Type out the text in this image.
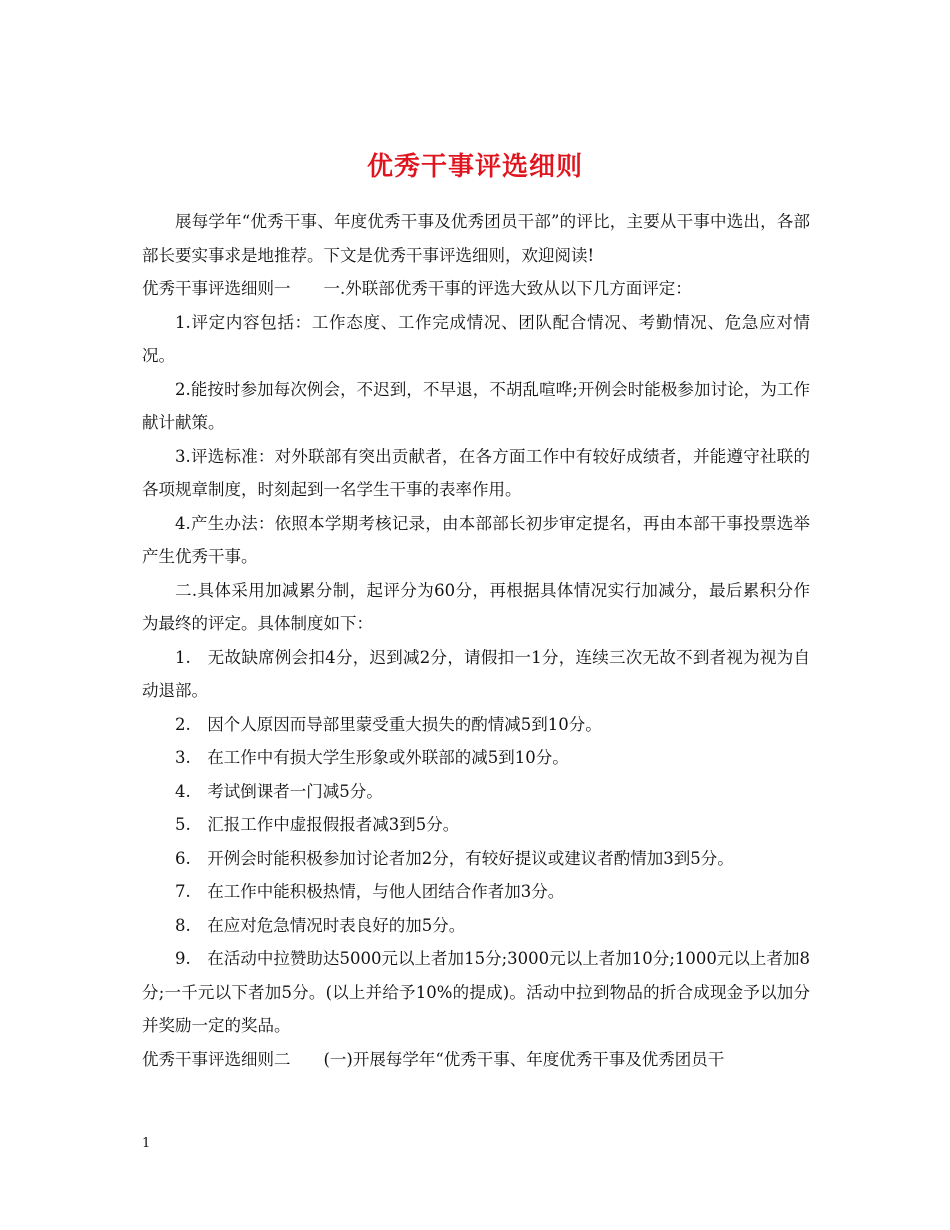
优秀干事评选细则

展每学年“优秀干事、年度优秀干事及优秀团员干部”的评比，主要从干事中选出，各部部长要实事求是地推荐。下文是优秀干事评选细则，欢迎阅读!

优秀干事评选细则一　　一.外联部优秀干事的评选大致从以下几方面评定：

1.评定内容包括：工作态度、工作完成情况、团队配合情况、考勤情况、危急应对情况。

2.能按时参加每次例会，不迟到，不早退，不胡乱喧哗;开例会时能极参加讨论，为工作献计献策。

3.评选标准：对外联部有突出贡献者，在各方面工作中有较好成绩者，并能遵守社联的各项规章制度，时刻起到一名学生干事的表率作用。

4.产生办法：依照本学期考核记录，由本部部长初步审定提名，再由本部干事投票选举产生优秀干事。

二.具体采用加减累分制，起评分为60分，再根据具体情况实行加减分，最后累积分作为最终的评定。具体制度如下：

1.　无故缺席例会扣4分，迟到减2分，请假扣一1分，连续三次无故不到者视为视为自动退部。

2.　因个人原因而导部里蒙受重大损失的酌情减5到10分。

3.　在工作中有损大学生形象或外联部的减5到10分。

4.　考试倒课者一门减5分。

5.　汇报工作中虚报假报者减3到5分。

6.　开例会时能积极参加讨论者加2分，有较好提议或建议者酌情加3到5分。

7.　在工作中能积极热情，与他人团结合作者加3分。

8.　在应对危急情况时表良好的加5分。

9.　在活动中拉赞助达5000元以上者加15分;3000元以上者加10分;1000元以上者加8分;一千元以下者加5分。(以上并给予10%的提成)。活动中拉到物品的折合成现金予以加分并奖励一定的奖品。

优秀干事评选细则二　　(一)开展每学年“优秀干事、年度优秀干事及优秀团员干

1
